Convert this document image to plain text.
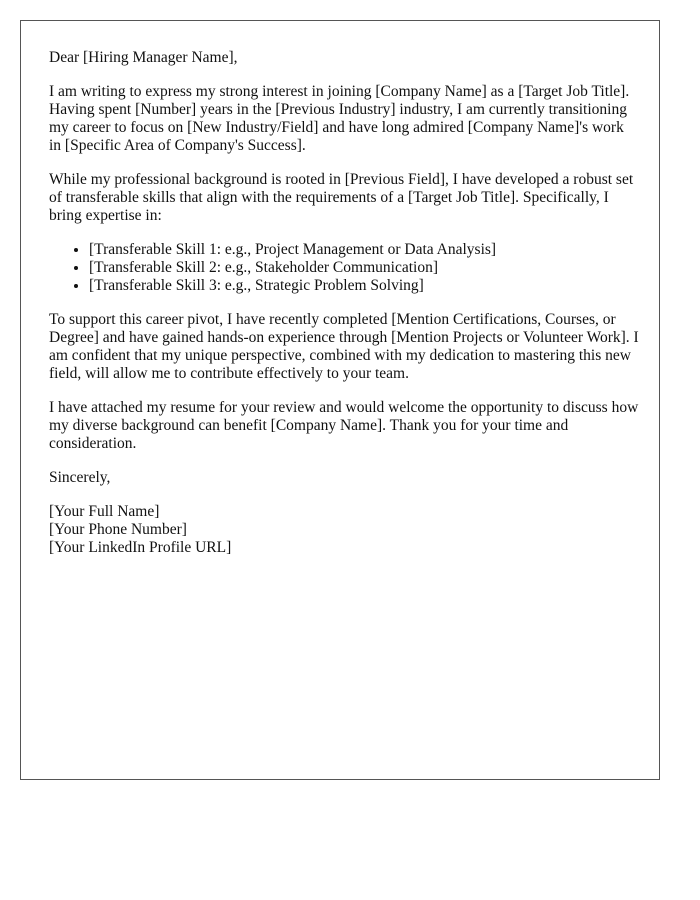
Dear [Hiring Manager Name],

I am writing to express my strong interest in joining [Company Name] as a [Target Job Title]. Having spent [Number] years in the [Previous Industry] industry, I am currently transitioning my career to focus on [New Industry/Field] and have long admired [Company Name]'s work in [Specific Area of Company's Success].

While my professional background is rooted in [Previous Field], I have developed a robust set of transferable skills that align with the requirements of a [Target Job Title]. Specifically, I bring expertise in:

• [Transferable Skill 1: e.g., Project Management or Data Analysis]
• [Transferable Skill 2: e.g., Stakeholder Communication]
• [Transferable Skill 3: e.g., Strategic Problem Solving]

To support this career pivot, I have recently completed [Mention Certifications, Courses, or Degree] and have gained hands-on experience through [Mention Projects or Volunteer Work]. I am confident that my unique perspective, combined with my dedication to mastering this new field, will allow me to contribute effectively to your team.

I have attached my resume for your review and would welcome the opportunity to discuss how my diverse background can benefit [Company Name]. Thank you for your time and consideration.

Sincerely,

[Your Full Name]
[Your Phone Number]
[Your LinkedIn Profile URL]
